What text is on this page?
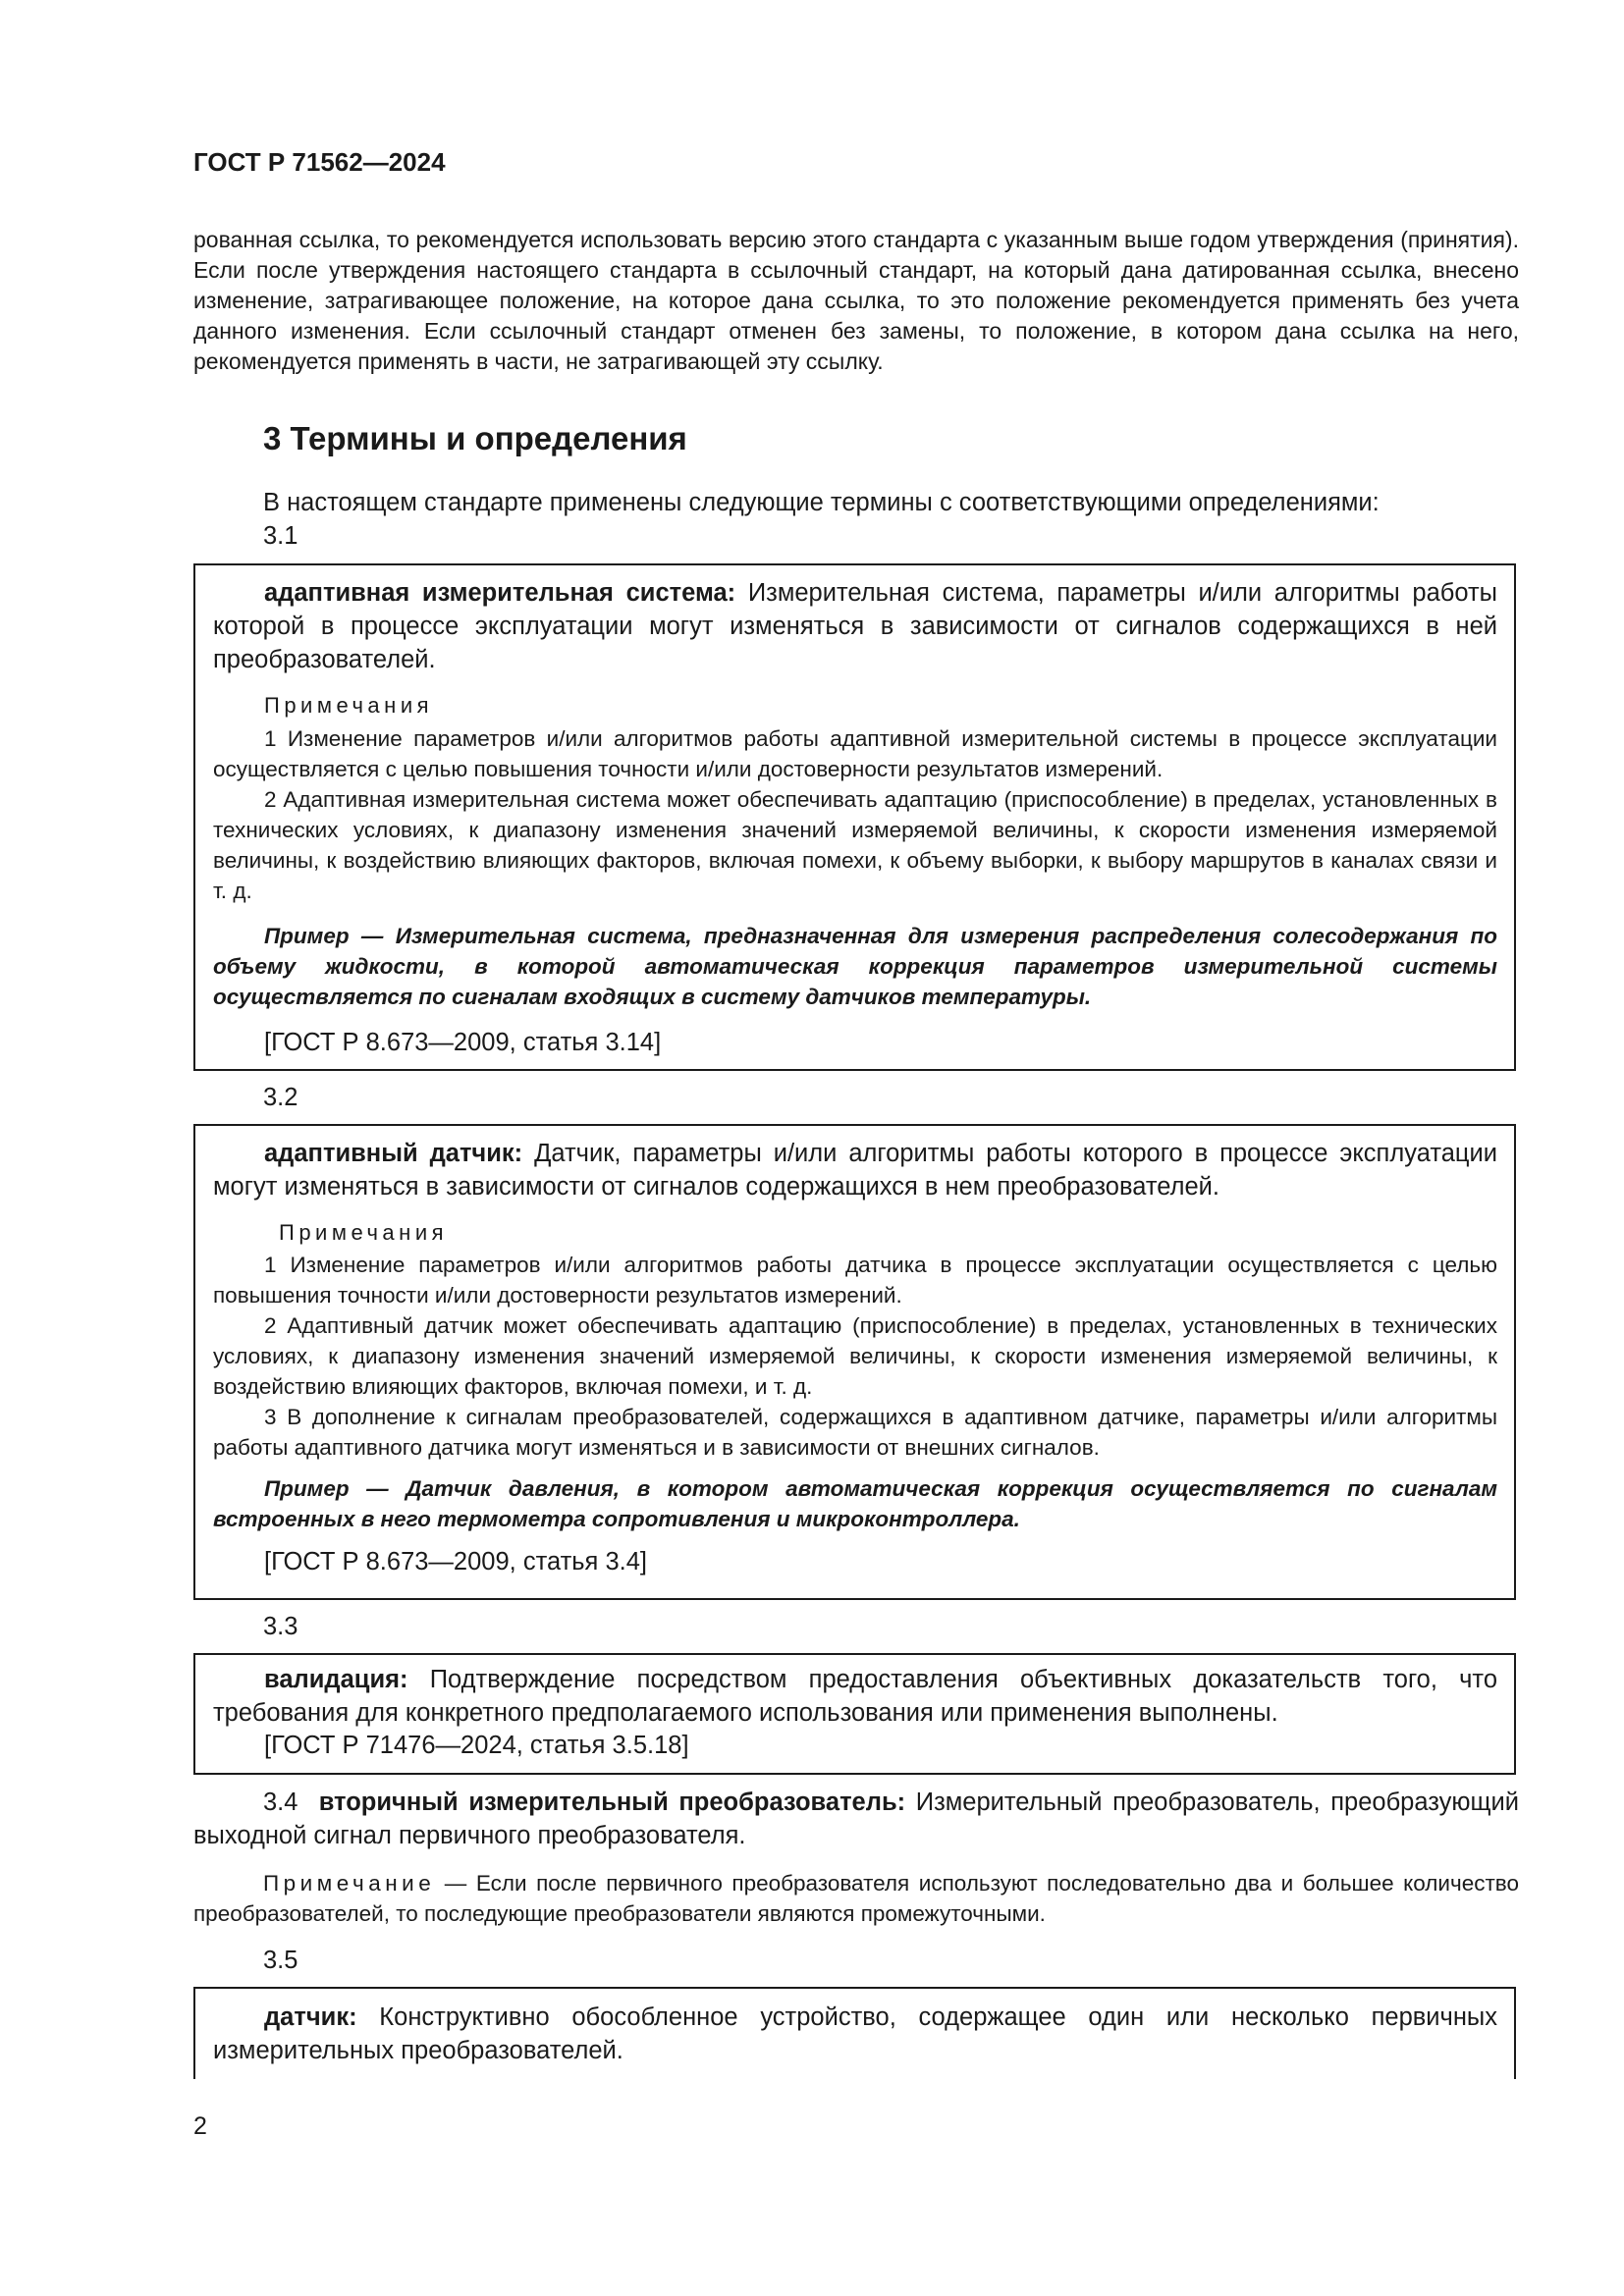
ГОСТ Р 71562—2024
рованная ссылка, то рекомендуется использовать версию этого стандарта с указанным выше годом утверждения (принятия). Если после утверждения настоящего стандарта в ссылочный стандарт, на который дана датированная ссылка, внесено изменение, затрагивающее положение, на которое дана ссылка, то это положение рекомендуется применять без учета данного изменения. Если ссылочный стандарт отменен без замены, то положение, в котором дана ссылка на него, рекомендуется применять в части, не затрагивающей эту ссылку.
3 Термины и определения
В настоящем стандарте применены следующие термины с соответствующими определениями:
3.1
адаптивная измерительная система: Измерительная система, параметры и/или алгоритмы работы которой в процессе эксплуатации могут изменяться в зависимости от сигналов содержащихся в ней преобразователей.
Примечания
1 Изменение параметров и/или алгоритмов работы адаптивной измерительной системы в процессе эксплуатации осуществляется с целью повышения точности и/или достоверности результатов измерений.
2 Адаптивная измерительная система может обеспечивать адаптацию (приспособление) в пределах, установленных в технических условиях, к диапазону изменения значений измеряемой величины, к скорости изменения измеряемой величины, к воздействию влияющих факторов, включая помехи, к объему выборки, к выбору маршрутов в каналах связи и т. д.
Пример — Измерительная система, предназначенная для измерения распределения солесодержания по объему жидкости, в которой автоматическая коррекция параметров измерительной системы осуществляется по сигналам входящих в систему датчиков температуры.
[ГОСТ Р 8.673—2009, статья 3.14]
3.2
адаптивный датчик: Датчик, параметры и/или алгоритмы работы которого в процессе эксплуатации могут изменяться в зависимости от сигналов содержащихся в нем преобразователей.
Примечания
1 Изменение параметров и/или алгоритмов работы датчика в процессе эксплуатации осуществляется с целью повышения точности и/или достоверности результатов измерений.
2 Адаптивный датчик может обеспечивать адаптацию (приспособление) в пределах, установленных в технических условиях, к диапазону изменения значений измеряемой величины, к скорости изменения измеряемой величины, к воздействию влияющих факторов, включая помехи, и т. д.
3 В дополнение к сигналам преобразователей, содержащихся в адаптивном датчике, параметры и/или алгоритмы работы адаптивного датчика могут изменяться и в зависимости от внешних сигналов.
Пример — Датчик давления, в котором автоматическая коррекция осуществляется по сигналам встроенных в него термометра сопротивления и микроконтроллера.
[ГОСТ Р 8.673—2009, статья 3.4]
3.3
валидация: Подтверждение посредством предоставления объективных доказательств того, что требования для конкретного предполагаемого использования или применения выполнены.
[ГОСТ Р 71476—2024, статья 3.5.18]
3.4 вторичный измерительный преобразователь: Измерительный преобразователь, преобразующий выходной сигнал первичного преобразователя.
Примечание — Если после первичного преобразователя используют последовательно два и большее количество преобразователей, то последующие преобразователи являются промежуточными.
3.5
датчик: Конструктивно обособленное устройство, содержащее один или несколько первичных измерительных преобразователей.
2
